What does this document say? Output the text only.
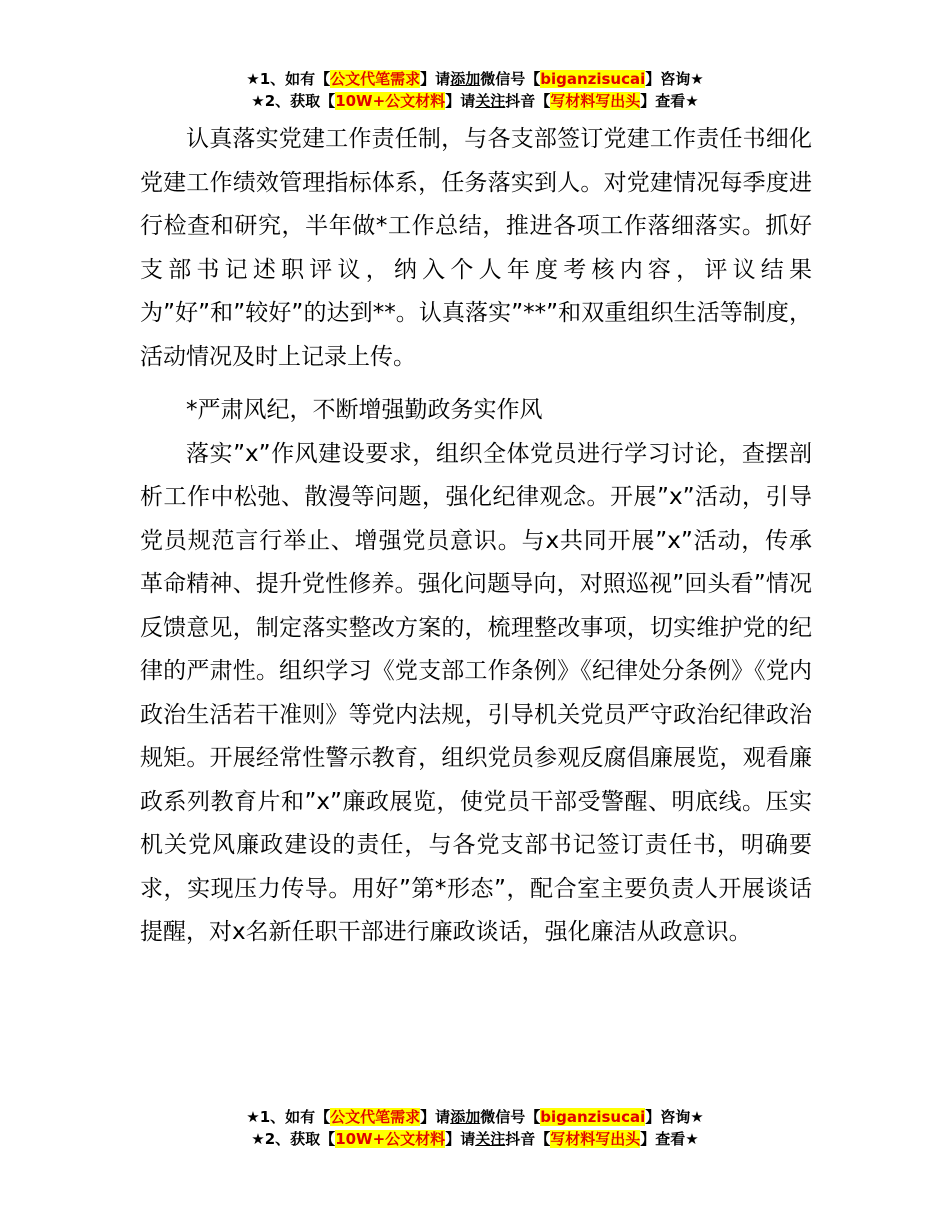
★1、如有【公文代笔需求】请添加微信号【biganzisucai】咨询★
★2、获取【10W+公文材料】请关注抖音【写材料写出头】查看★

认真落实党建工作责任制，与各支部签订党建工作责任书细化党建工作绩效管理指标体系，任务落实到人。对党建情况每季度进行检查和研究，半年做*工作总结，推进各项工作落细落实。抓好支部书记述职评议，纳入个人年度考核内容，评议结果为”好”和”较好”的达到**。认真落实”**”和双重组织生活等制度，活动情况及时上记录上传。

*严肃风纪，不断增强勤政务实作风

落实”x”作风建设要求，组织全体党员进行学习讨论，查摆剖析工作中松弛、散漫等问题，强化纪律观念。开展”x”活动，引导党员规范言行举止、增强党员意识。与x共同开展”x”活动，传承革命精神、提升党性修养。强化问题导向，对照巡视”回头看”情况反馈意见，制定落实整改方案的，梳理整改事项，切实维护党的纪律的严肃性。组织学习《党支部工作条例》《纪律处分条例》《党内政治生活若干准则》等党内法规，引导机关党员严守政治纪律政治规矩。开展经常性警示教育，组织党员参观反腐倡廉展览，观看廉政系列教育片和”x”廉政展览，使党员干部受警醒、明底线。压实机关党风廉政建设的责任，与各党支部书记签订责任书，明确要求，实现压力传导。用好”第*形态”，配合室主要负责人开展谈话提醒，对x名新任职干部进行廉政谈话，强化廉洁从政意识。

★1、如有【公文代笔需求】请添加微信号【biganzisucai】咨询★
★2、获取【10W+公文材料】请关注抖音【写材料写出头】查看★
